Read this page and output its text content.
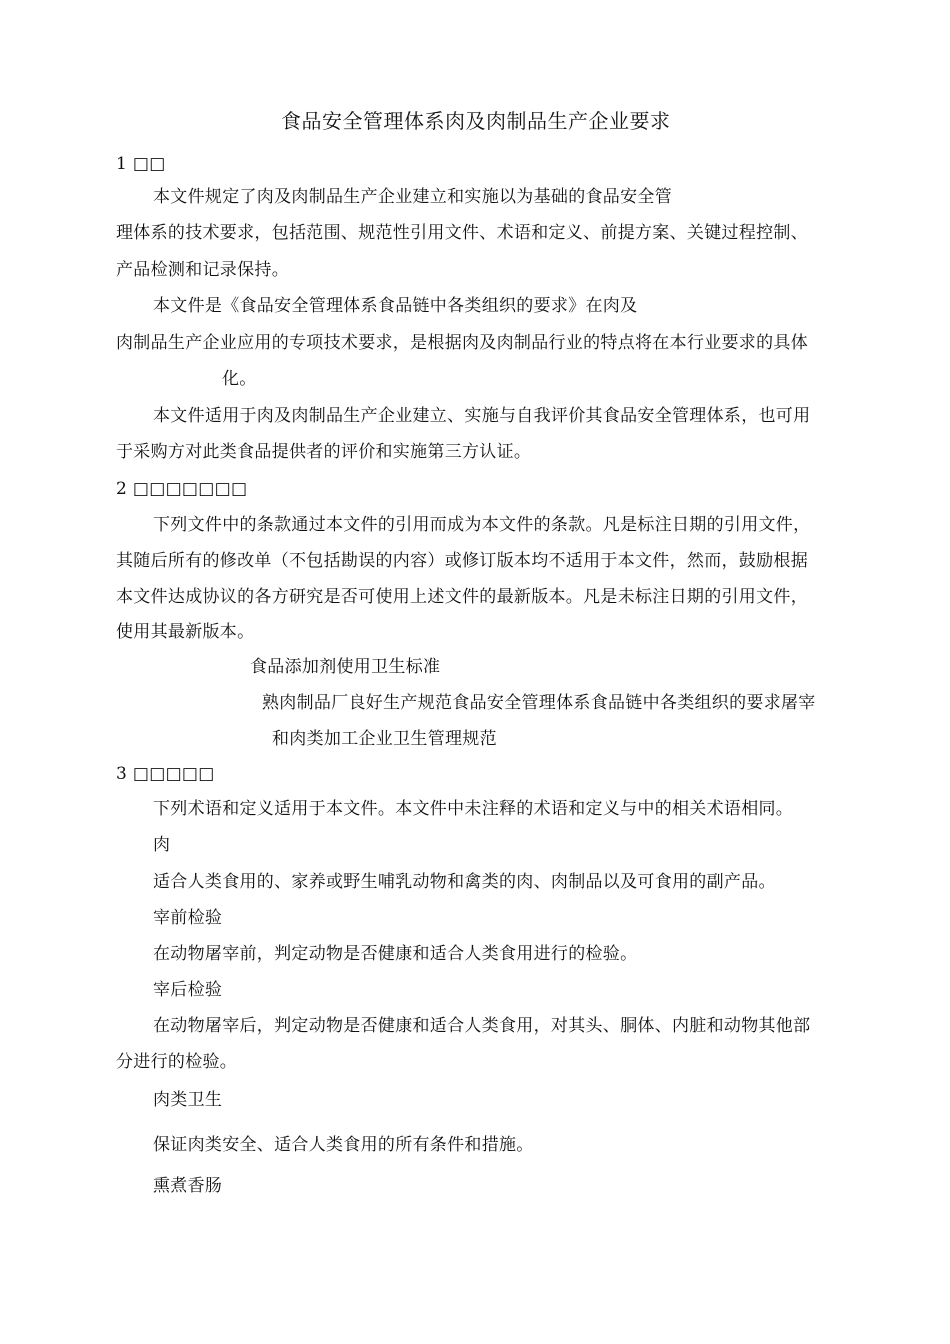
食品安全管理体系肉及肉制品生产企业要求
1 □□
本文件规定了肉及肉制品生产企业建立和实施以为基础的食品安全管
理体系的技术要求，包括范围、规范性引用文件、术语和定义、前提方案、关键过程控制、
产品检测和记录保持。
本文件是《食品安全管理体系食品链中各类组织的要求》在肉及
肉制品生产企业应用的专项技术要求，是根据肉及肉制品行业的特点将在本行业要求的具体
化。
本文件适用于肉及肉制品生产企业建立、实施与自我评价其食品安全管理体系，也可用
于采购方对此类食品提供者的评价和实施第三方认证。
2 □□□□□□□
下列文件中的条款通过本文件的引用而成为本文件的条款。凡是标注日期的引用文件，
其随后所有的修改单（不包括勘误的内容）或修订版本均不适用于本文件，然而，鼓励根据
本文件达成协议的各方研究是否可使用上述文件的最新版本。凡是未标注日期的引用文件，
使用其最新版本。
食品添加剂使用卫生标准
熟肉制品厂良好生产规范食品安全管理体系食品链中各类组织的要求屠宰
和肉类加工企业卫生管理规范
3 □□□□□
下列术语和定义适用于本文件。本文件中未注释的术语和定义与中的相关术语相同。
肉
适合人类食用的、家养或野生哺乳动物和禽类的肉、肉制品以及可食用的副产品。
宰前检验
在动物屠宰前，判定动物是否健康和适合人类食用进行的检验。
宰后检验
在动物屠宰后，判定动物是否健康和适合人类食用，对其头、胴体、内脏和动物其他部
分进行的检验。
肉类卫生
保证肉类安全、适合人类食用的所有条件和措施。
熏煮香肠
